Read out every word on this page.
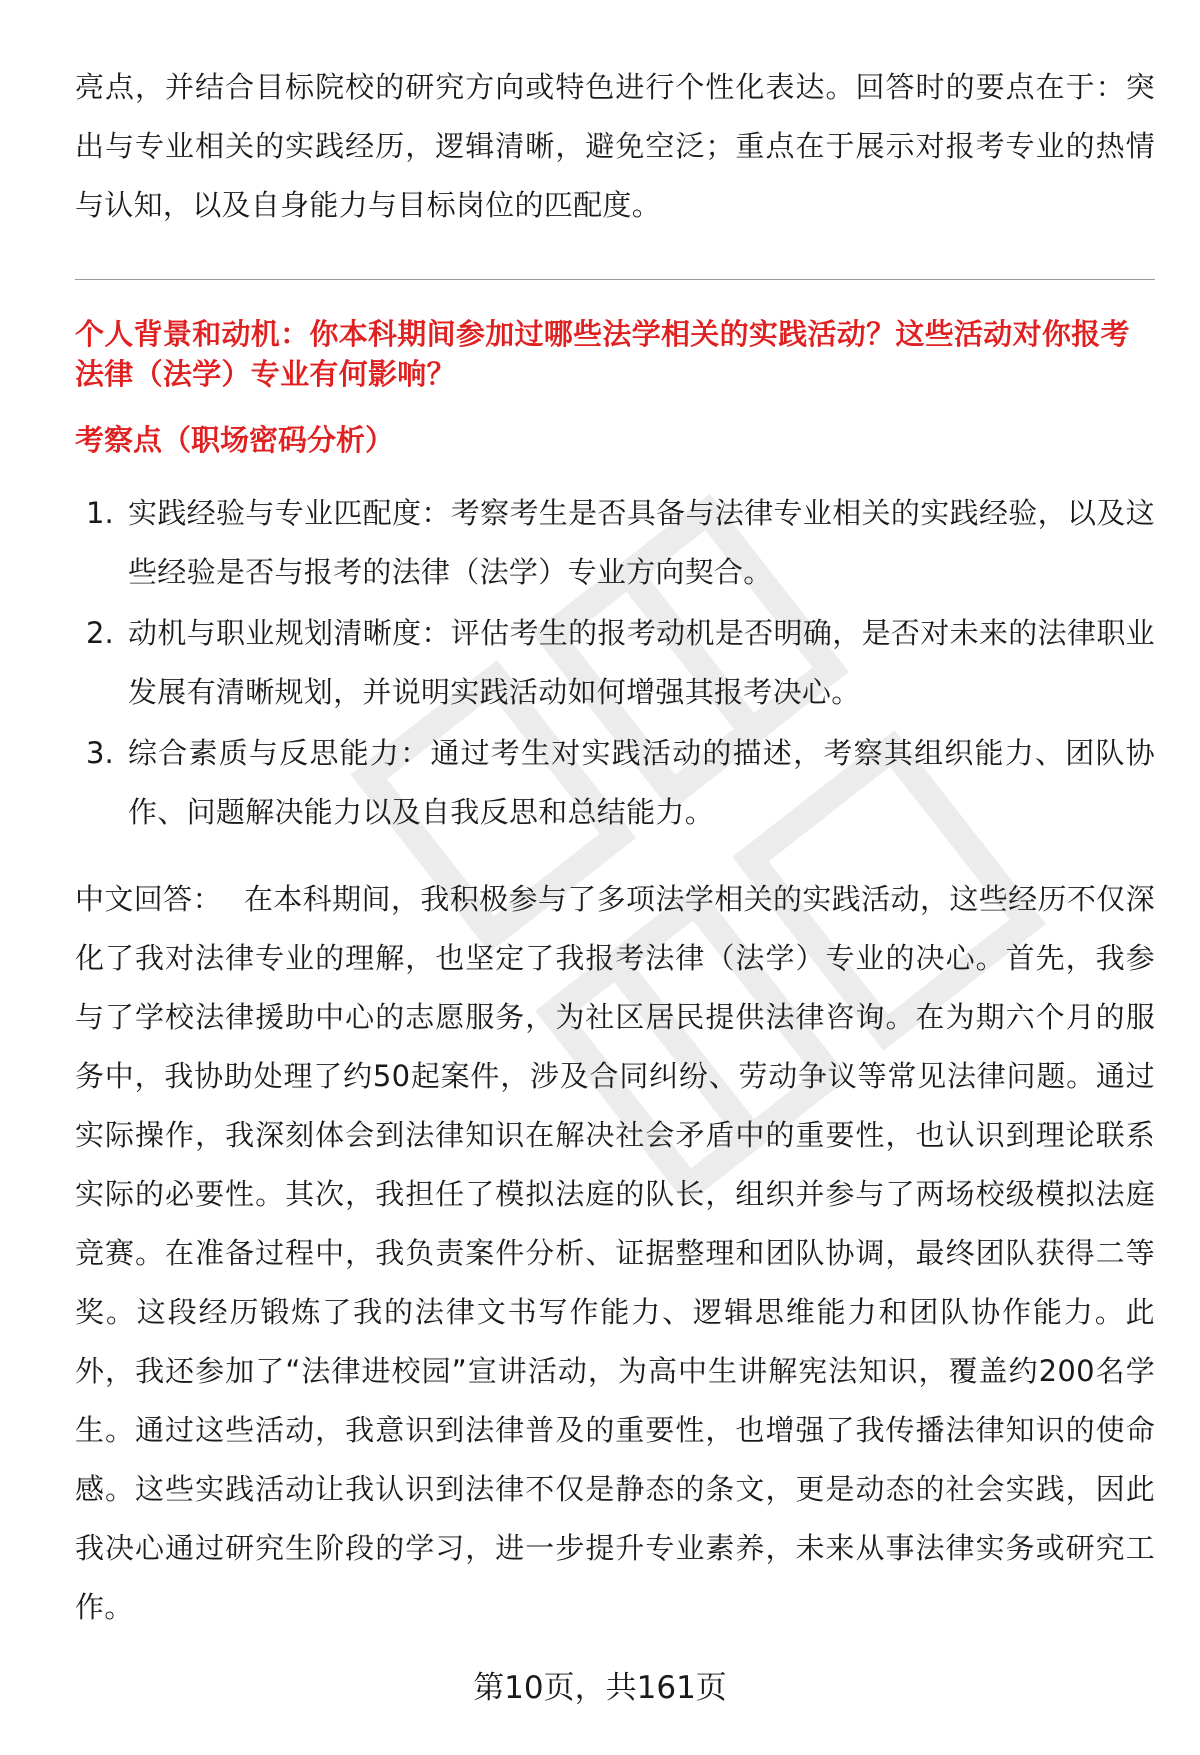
亮点，并结合目标院校的研究方向或特色进行个性化表达。回答时的要点在于：突出与专业相关的实践经历，逻辑清晰，避免空泛；重点在于展示对报考专业的热情与认知，以及自身能力与目标岗位的匹配度。

个人背景和动机：你本科期间参加过哪些法学相关的实践活动？这些活动对你报考法律（法学）专业有何影响？
考察点（职场密码分析）
1. 实践经验与专业匹配度：考察考生是否具备与法律专业相关的实践经验，以及这些经验是否与报考的法律（法学）专业方向契合。
2. 动机与职业规划清晰度：评估考生的报考动机是否明确，是否对未来的法律职业发展有清晰规划，并说明实践活动如何增强其报考决心。
3. 综合素质与反思能力：通过考生对实践活动的描述，考察其组织能力、团队协作、问题解决能力以及自我反思和总结能力。

中文回答： 在本科期间，我积极参与了多项法学相关的实践活动，这些经历不仅深化了我对法律专业的理解，也坚定了我报考法律（法学）专业的决心。首先，我参与了学校法律援助中心的志愿服务，为社区居民提供法律咨询。在为期六个月的服务中，我协助处理了约50起案件，涉及合同纠纷、劳动争议等常见法律问题。通过实际操作，我深刻体会到法律知识在解决社会矛盾中的重要性，也认识到理论联系实际的必要性。其次，我担任了模拟法庭的队长，组织并参与了两场校级模拟法庭竞赛。在准备过程中，我负责案件分析、证据整理和团队协调，最终团队获得二等奖。这段经历锻炼了我的法律文书写作能力、逻辑思维能力和团队协作能力。此外，我还参加了“法律进校园”宣讲活动，为高中生讲解宪法知识，覆盖约200名学生。通过这些活动，我意识到法律普及的重要性，也增强了我传播法律知识的使命感。这些实践活动让我认识到法律不仅是静态的条文，更是动态的社会实践，因此我决心通过研究生阶段的学习，进一步提升专业素养，未来从事法律实务或研究工作。

第10页，共161页
